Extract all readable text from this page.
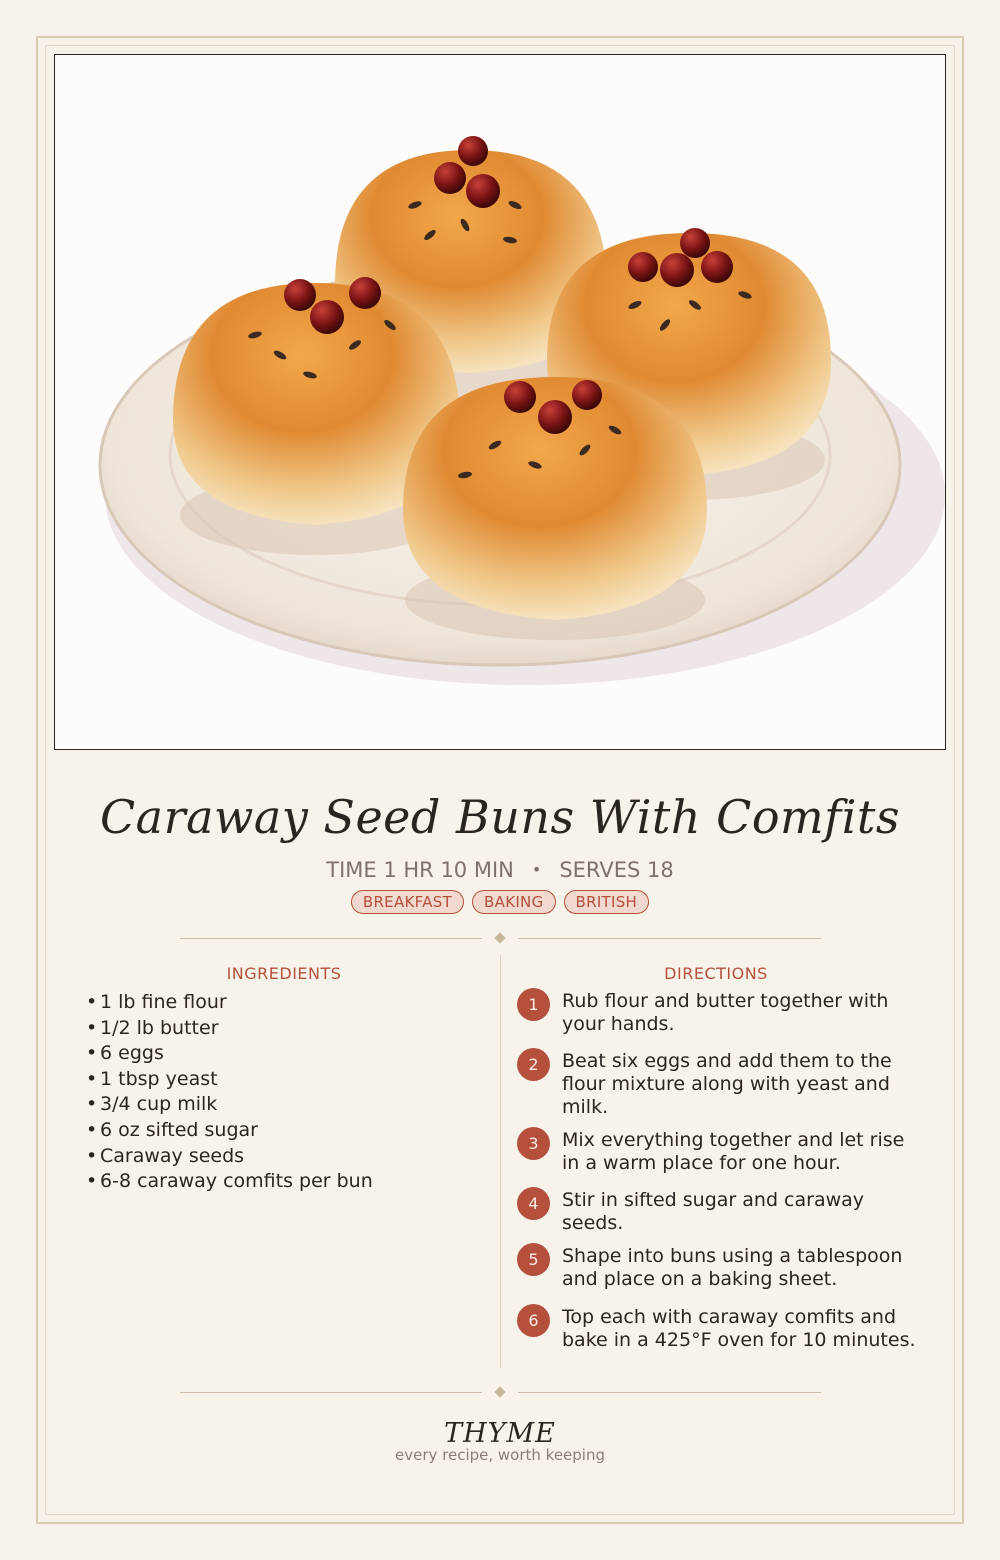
Caraway Seed Buns With Comfits
TIME 1 HR 10 MIN • SERVES 18
BREAKFAST BAKING BRITISH
INGREDIENTS
• 1 lb fine flour
• 1/2 lb butter
• 6 eggs
• 1 tbsp yeast
• 3/4 cup milk
• 6 oz sifted sugar
• Caraway seeds
• 6-8 caraway comfits per bun
DIRECTIONS
1	Rub flour and butter together with your hands.
2	Beat six eggs and add them to the flour mixture along with yeast and milk.
3	Mix everything together and let rise in a warm place for one hour.
4	Stir in sifted sugar and caraway seeds.
5	Shape into buns using a tablespoon and place on a baking sheet.
6	Top each with caraway comfits and bake in a 425°F oven for 10 minutes.
THYME
every recipe, worth keeping
